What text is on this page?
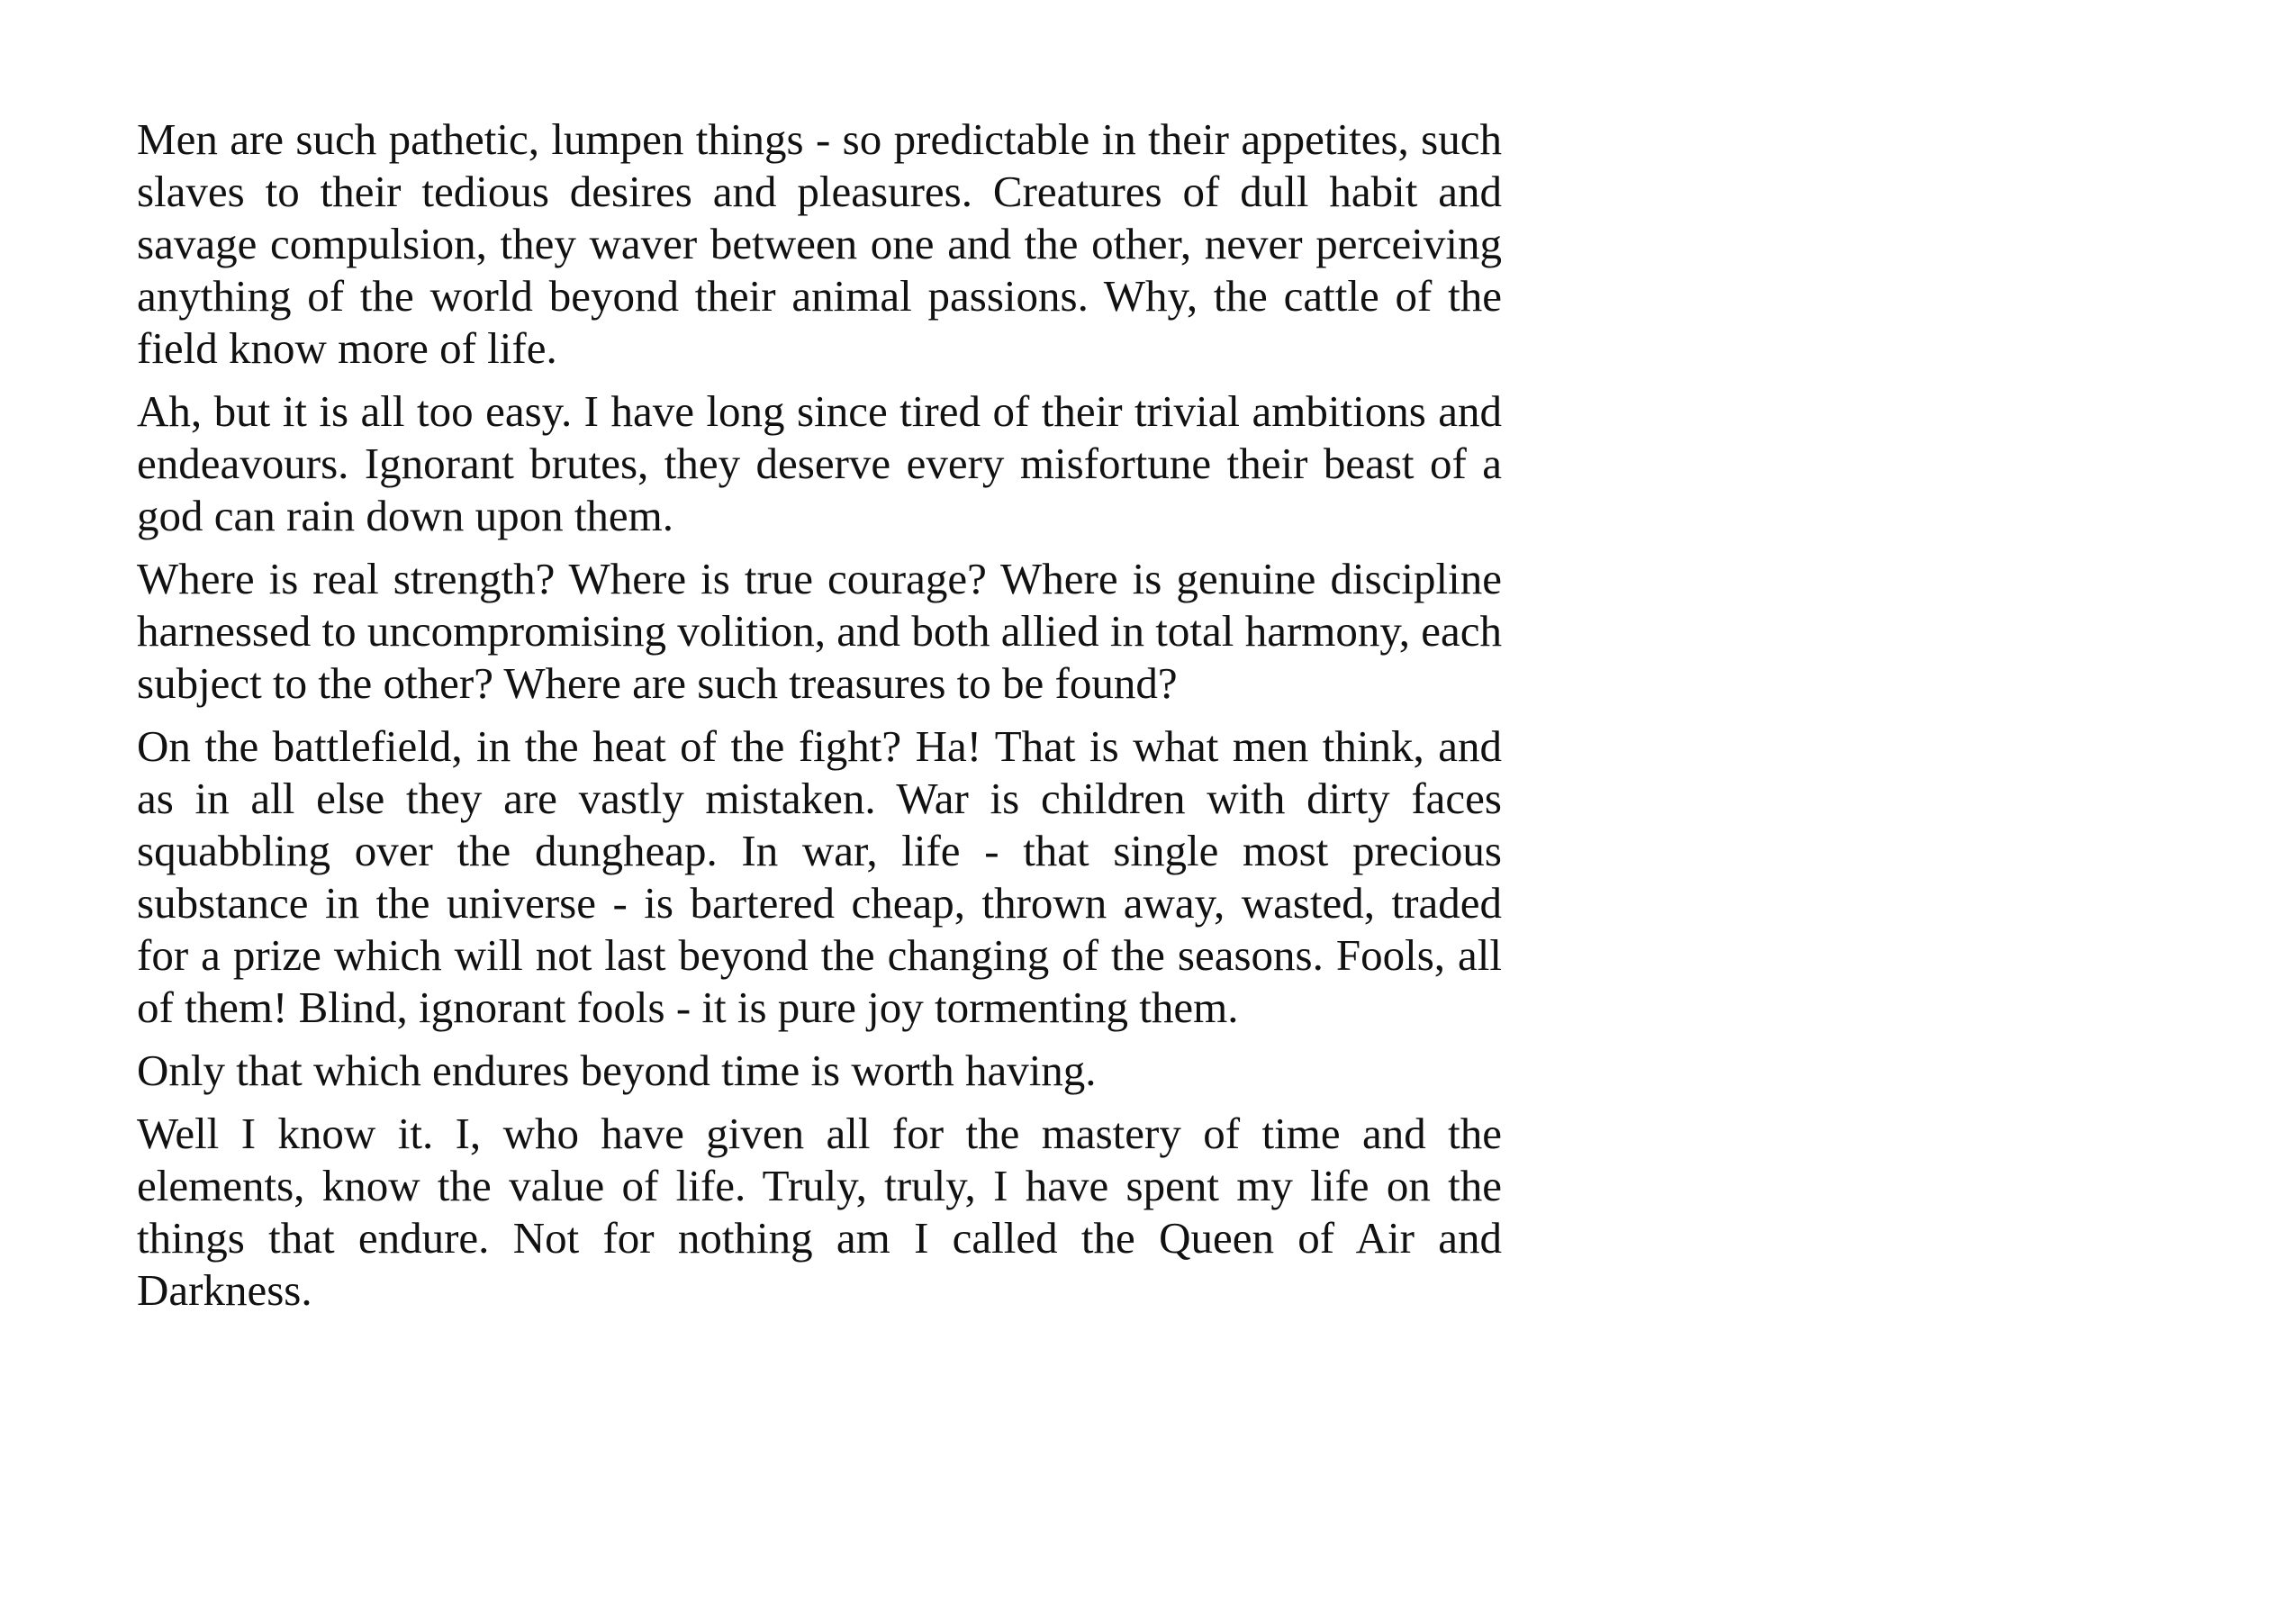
Men are such pathetic, lumpen things - so predictable in their appetites, such slaves to their tedious desires and pleasures. Creatures of dull habit and savage compulsion, they waver between one and the other, never perceiving anything of the world beyond their animal passions. Why, the cattle of the field know more of life.

Ah, but it is all too easy. I have long since tired of their trivial ambitions and endeavours. Ignorant brutes, they deserve every misfortune their beast of a god can rain down upon them.

Where is real strength? Where is true courage? Where is genuine discipline harnessed to uncompromising volition, and both allied in total harmony, each subject to the other? Where are such treasures to be found?

On the battlefield, in the heat of the fight? Ha! That is what men think, and as in all else they are vastly mistaken. War is children with dirty faces squabbling over the dungheap. In war, life - that single most precious substance in the universe - is bartered cheap, thrown away, wasted, traded for a prize which will not last beyond the changing of the seasons. Fools, all of them! Blind, ignorant fools - it is pure joy tormenting them.

Only that which endures beyond time is worth having.

Well I know it. I, who have given all for the mastery of time and the elements, know the value of life. Truly, truly, I have spent my life on the things that endure. Not for nothing am I called the Queen of Air and Darkness.
